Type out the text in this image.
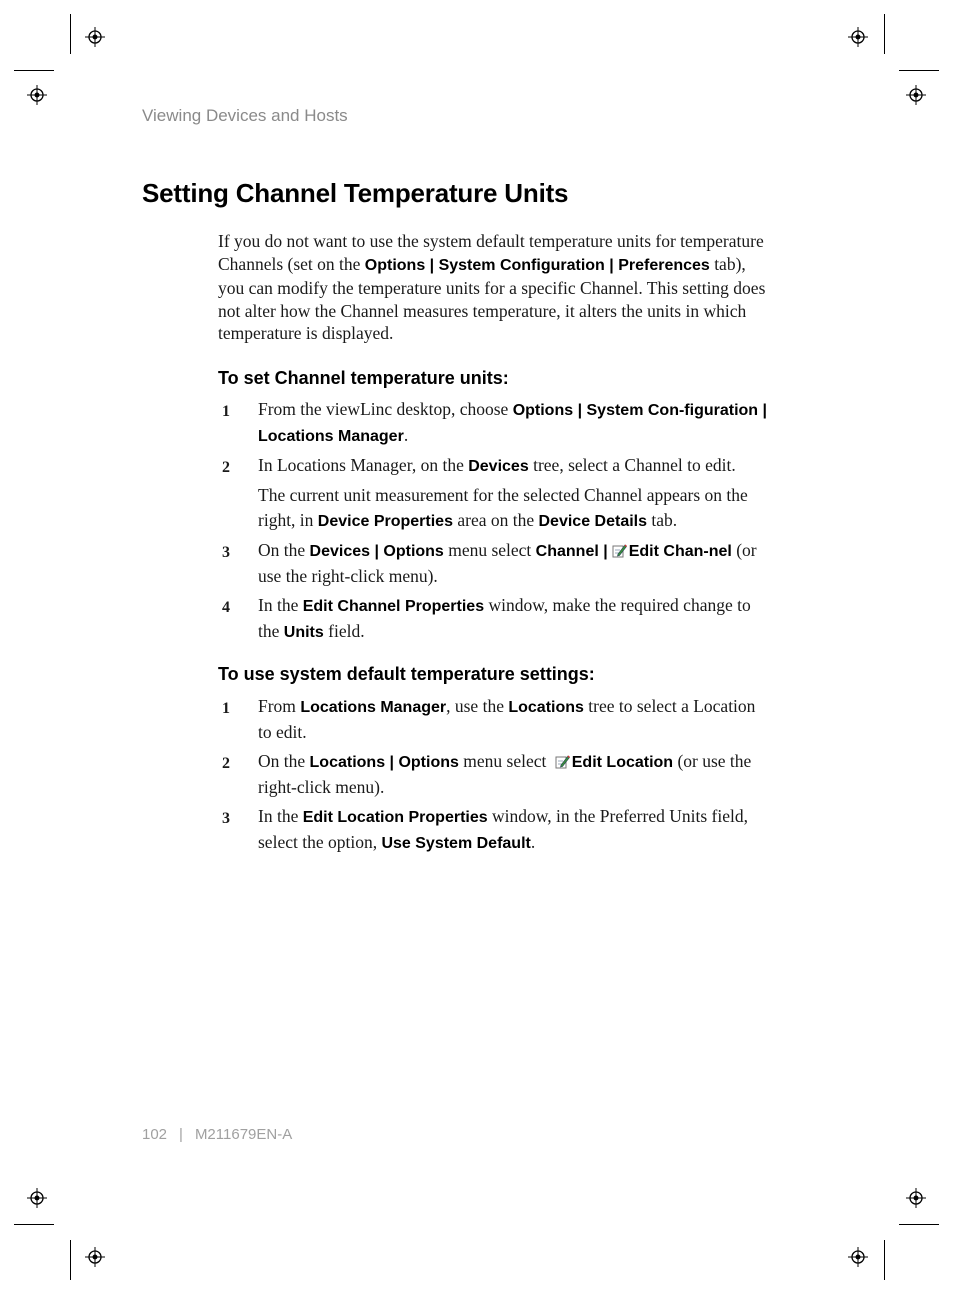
Viewing Devices and Hosts
Setting Channel Temperature Units

If you do not want to use the system default temperature units for temperature Channels (set on the Options | System Configuration | Preferences tab), you can modify the temperature units for a specific Channel. This setting does not alter how the Channel measures temperature, it alters the units in which temperature is displayed.

To set Channel temperature units:
1 From the viewLinc desktop, choose Options | System Con-figuration | Locations Manager.
2 In Locations Manager, on the Devices tree, select a Channel to edit.

The current unit measurement for the selected Channel appears on the right, in Device Properties area on the Device Details tab.

3 On the Devices | Options menu select Channel | Edit Chan-nel (or use the right-click menu).
4 In the Edit Channel Properties window, make the required change to the Units field.
To use system default temperature settings:
1 From Locations Manager, use the Locations tree to select a Location to edit.
2 On the Locations | Options menu select Edit Location (or use the right-click menu).
3 In the Edit Location Properties window, in the Preferred Units field, select the option, Use System Default.
102 | M211679EN-A
